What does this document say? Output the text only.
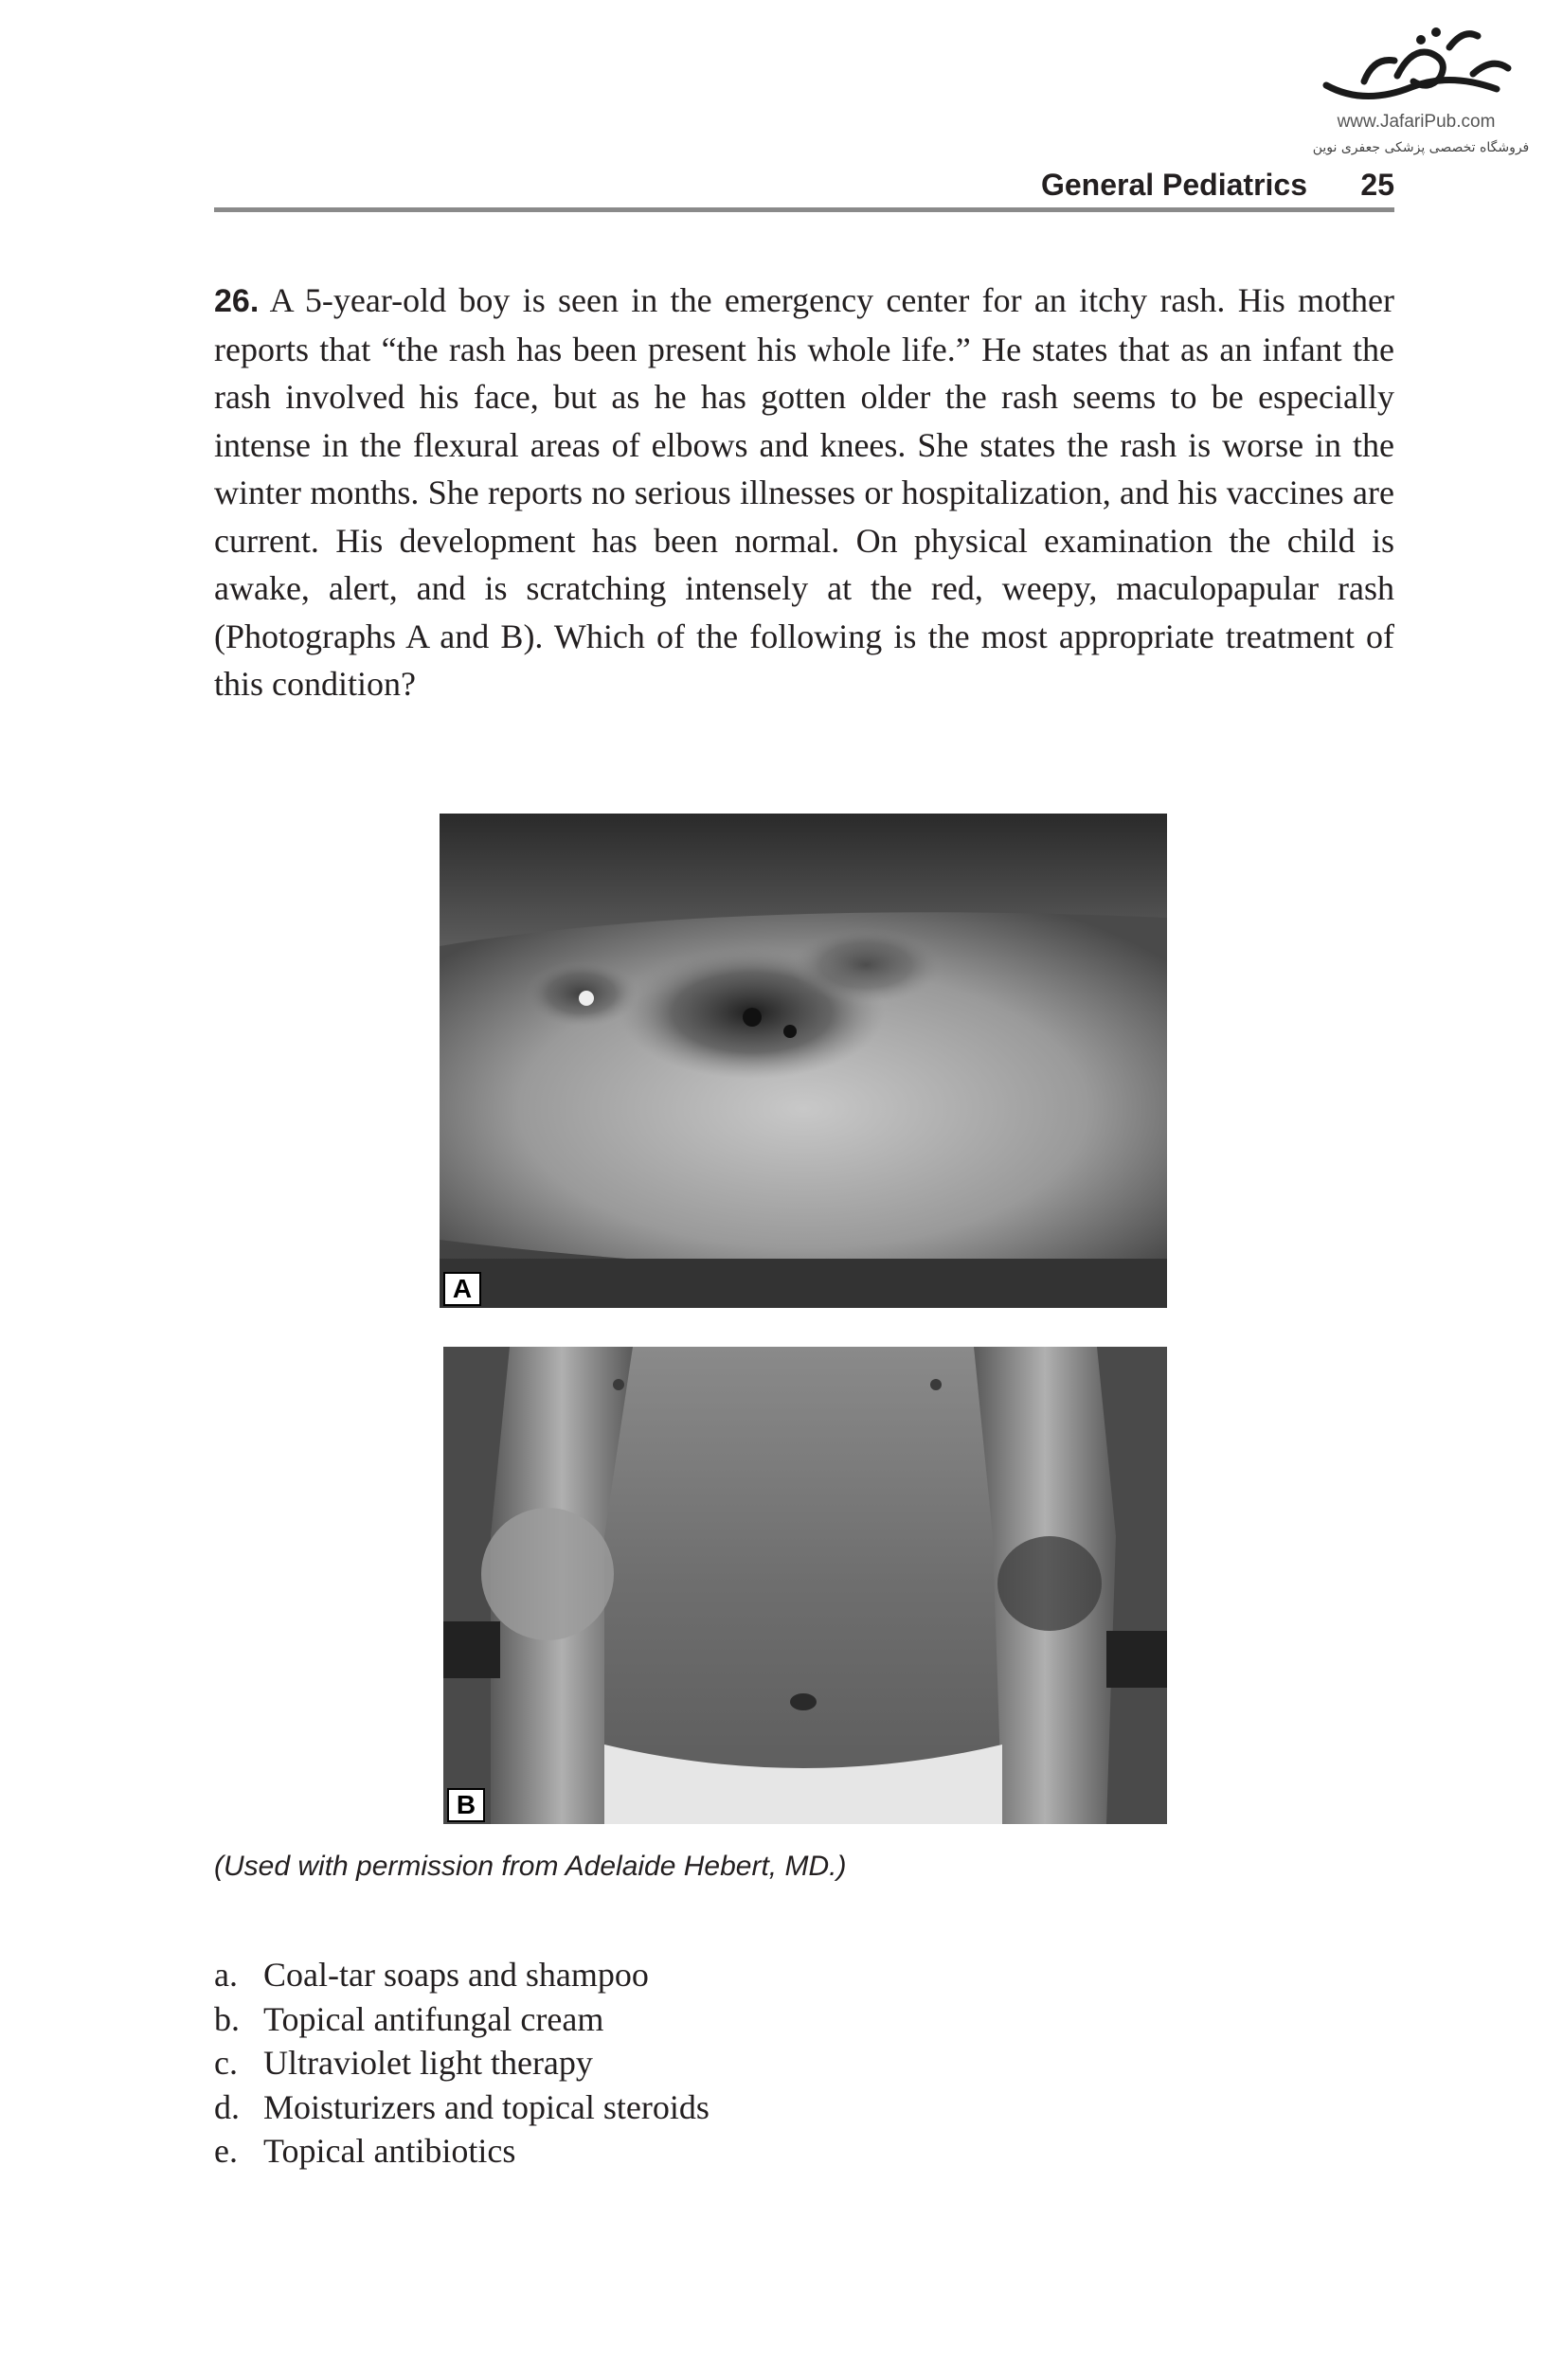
www.JafariPub.com
فروشگاه تخصصی پزشکی جعفری نوین
General Pediatrics 25
26. A 5-year-old boy is seen in the emergency center for an itchy rash. His mother reports that “the rash has been present his whole life.” He states that as an infant the rash involved his face, but as he has gotten older the rash seems to be especially intense in the flexural areas of elbows and knees. She states the rash is worse in the winter months. She reports no serious illnesses or hospitalization, and his vaccines are current. His development has been normal. On physical examination the child is awake, alert, and is scratching intensely at the red, weepy, maculopapular rash (Photographs A and B). Which of the following is the most appropriate treatment of this condition?
A
B
(Used with permission from Adelaide Hebert, MD.)
a. Coal-tar soaps and shampoo
b. Topical antifungal cream
c. Ultraviolet light therapy
d. Moisturizers and topical steroids
e. Topical antibiotics
